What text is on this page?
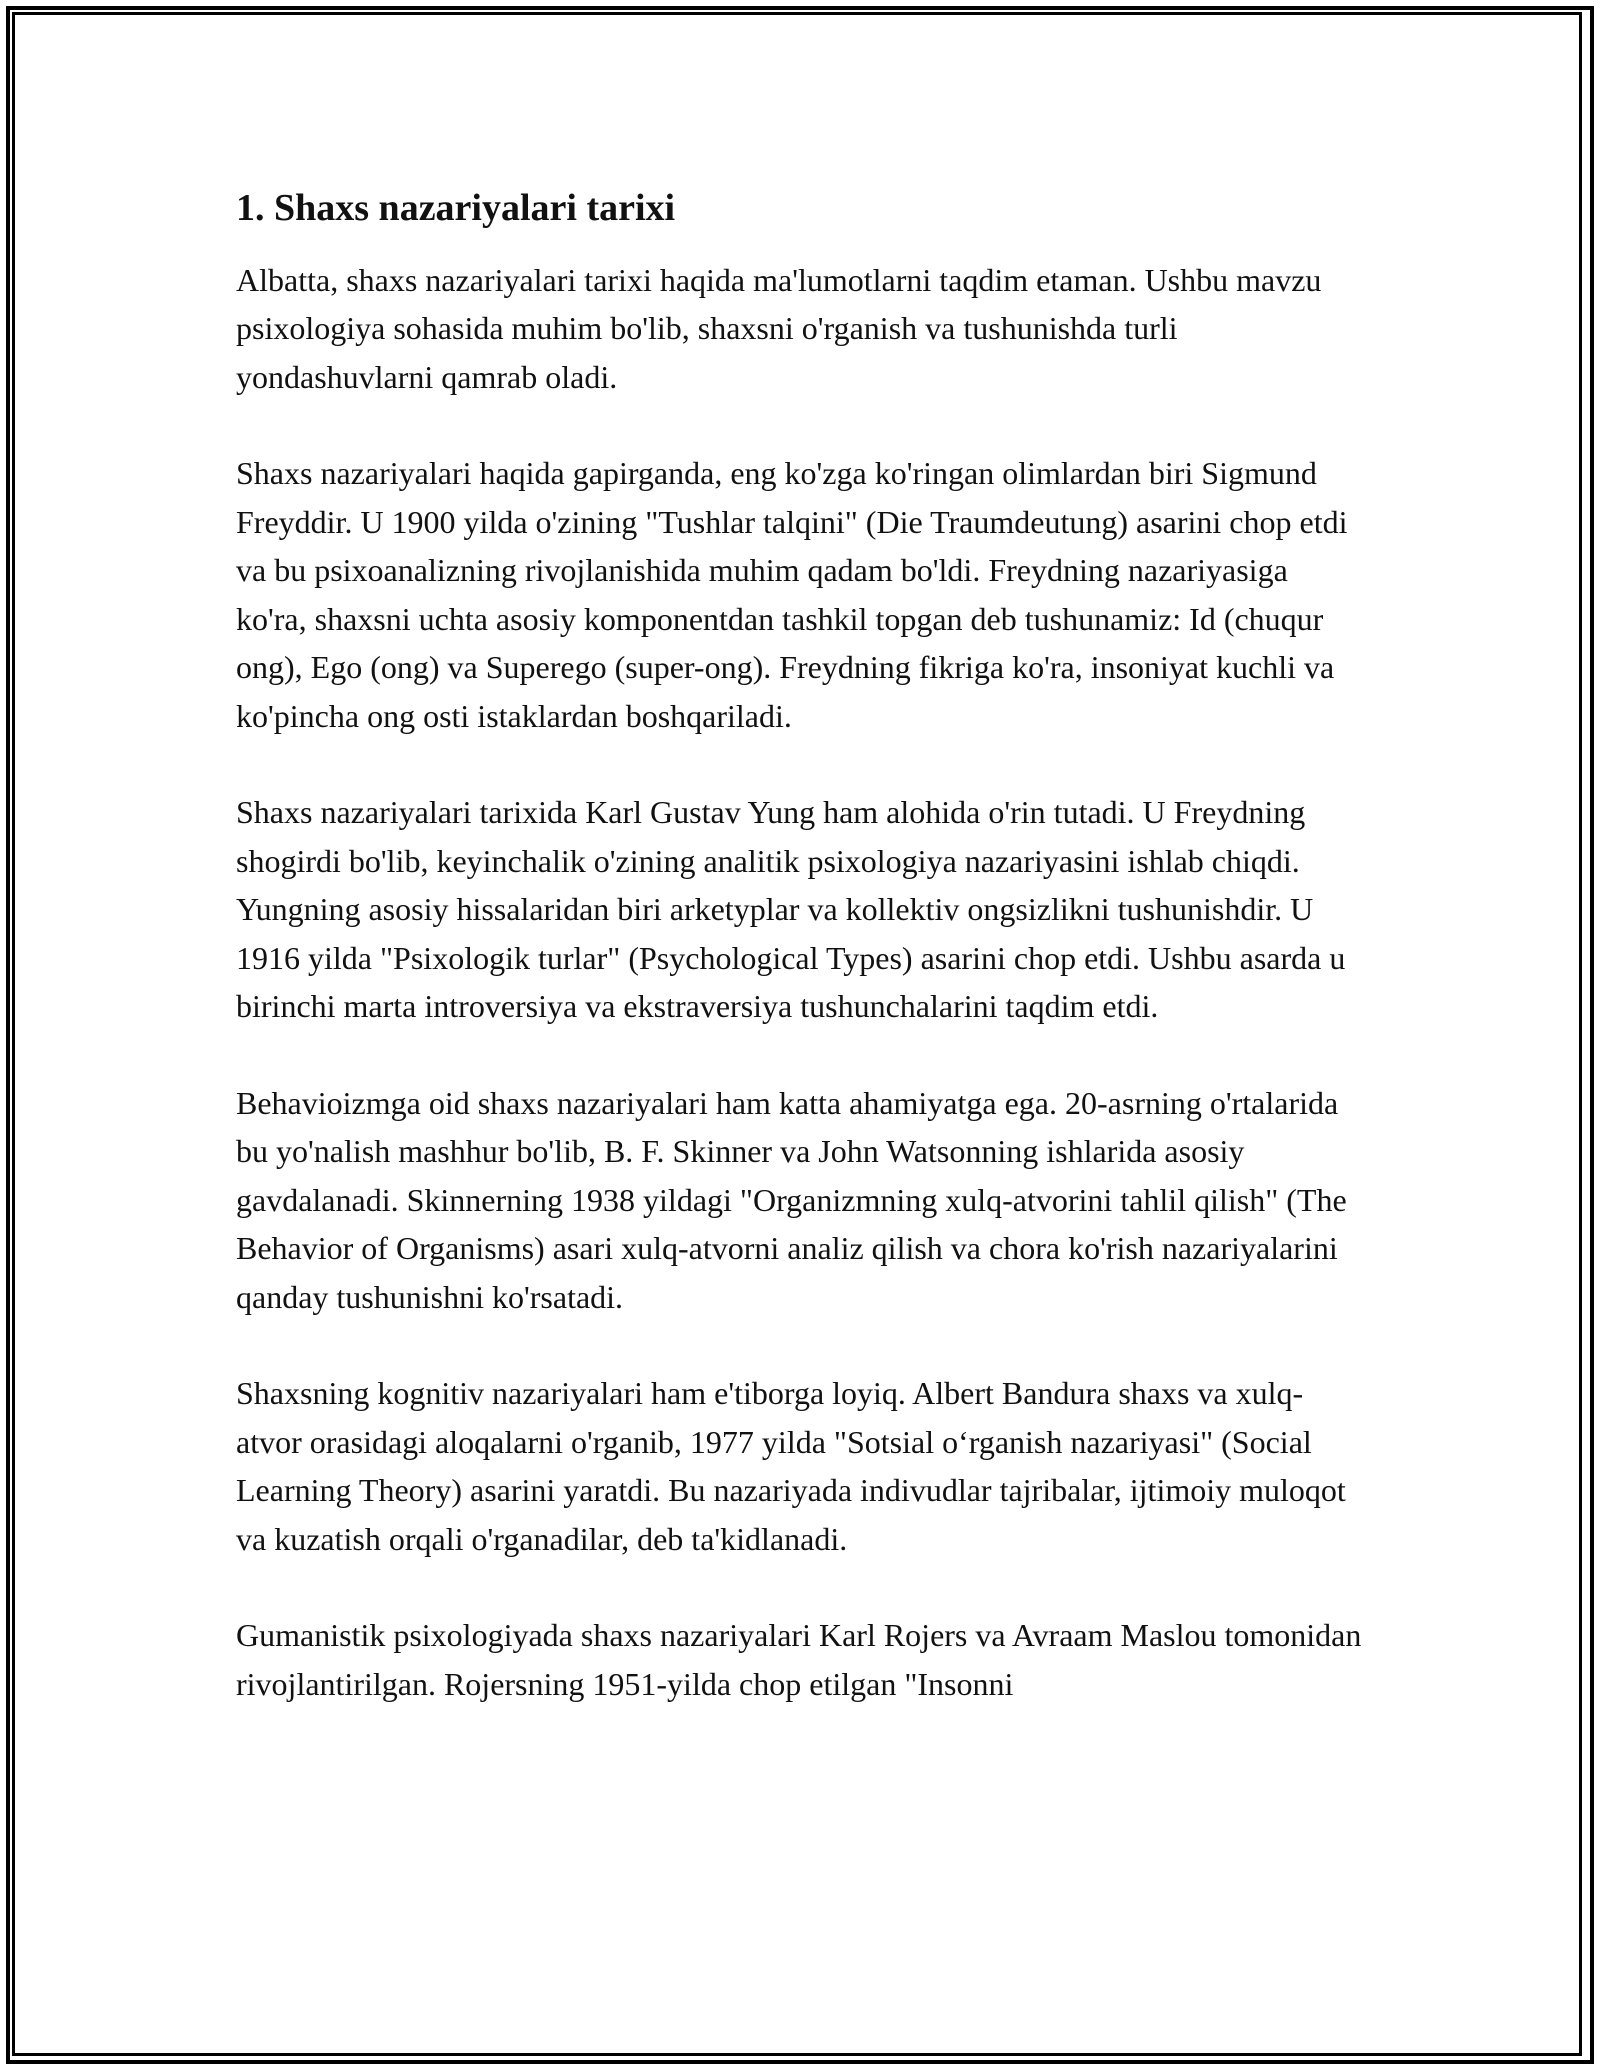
1. Shaxs nazariyalari tarixi

Albatta, shaxs nazariyalari tarixi haqida ma'lumotlarni taqdim etaman. Ushbu mavzu psixologiya sohasida muhim bo'lib, shaxsni o'rganish va tushunishda turli yondashuvlarni qamrab oladi.

Shaxs nazariyalari haqida gapirganda, eng ko'zga ko'ringan olimlardan biri Sigmund Freyddir. U 1900 yilda o'zining "Tushlar talqini" (Die Traumdeutung) asarini chop etdi va bu psixoanalizning rivojlanishida muhim qadam bo'ldi. Freydning nazariyasiga ko'ra, shaxsni uchta asosiy komponentdan tashkil topgan deb tushunamiz: Id (chuqur ong), Ego (ong) va Superego (super-ong). Freydning fikriga ko'ra, insoniyat kuchli va ko'pincha ong osti istaklardan boshqariladi.

Shaxs nazariyalari tarixida Karl Gustav Yung ham alohida o'rin tutadi. U Freydning shogirdi bo'lib, keyinchalik o'zining analitik psixologiya nazariyasini ishlab chiqdi. Yungning asosiy hissalaridan biri arketyplar va kollektiv ongsizlikni tushunishdir. U 1916 yilda "Psixologik turlar" (Psychological Types) asarini chop etdi. Ushbu asarda u birinchi marta introversiya va ekstraversiya tushunchalarini taqdim etdi.

Behavioizmga oid shaxs nazariyalari ham katta ahamiyatga ega. 20-asrning o'rtalarida bu yo'nalish mashhur bo'lib, B. F. Skinner va John Watsonning ishlarida asosiy gavdalanadi. Skinnerning 1938 yildagi "Organizmning xulq-atvorini tahlil qilish" (The Behavior of Organisms) asari xulq-atvorni analiz qilish va chora ko'rish nazariyalarini qanday tushunishni ko'rsatadi.

Shaxsning kognitiv nazariyalari ham e'tiborga loyiq. Albert Bandura shaxs va xulq-atvor orasidagi aloqalarni o'rganib, 1977 yilda "Sotsial o‘rganish nazariyasi" (Social Learning Theory) asarini yaratdi. Bu nazariyada indivudlar tajribalar, ijtimoiy muloqot va kuzatish orqali o'rganadilar, deb ta'kidlanadi.

Gumanistik psixologiyada shaxs nazariyalari Karl Rojers va Avraam Maslou tomonidan rivojlantirilgan. Rojersning 1951-yilda chop etilgan "Insonni
